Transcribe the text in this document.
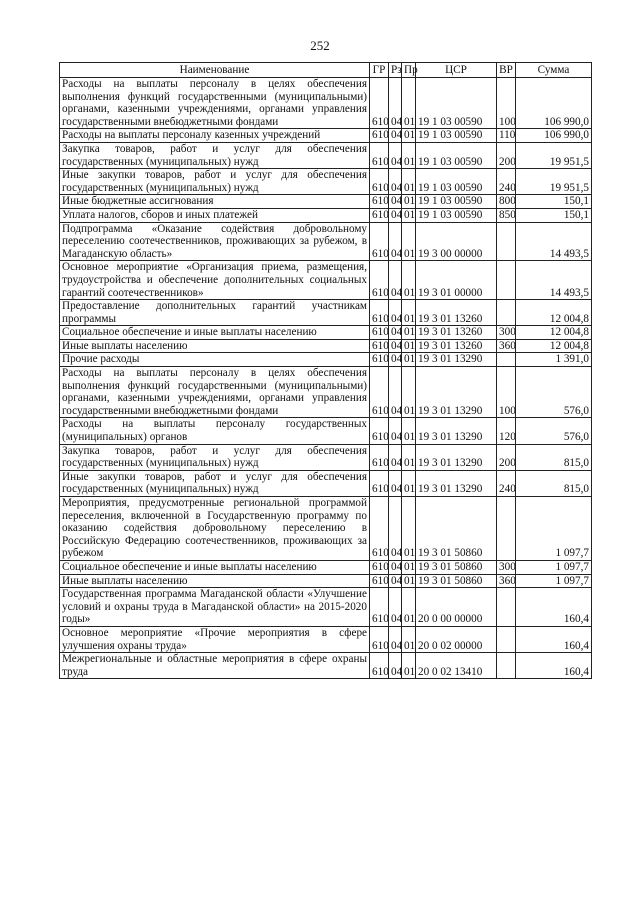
252
Наименование	ГР	Рз	Пр	ЦСР	ВР	Сумма
Расходы на выплаты персоналу в целях обеспечения выполнения функций государственными (муниципальными) органами, казенными учреждениями, органами управления государственными внебюджетными фондами	610	04	01	19 1 03 00590	100	106 990,0
Расходы на выплаты персоналу казенных учреждений	610	04	01	19 1 03 00590	110	106 990,0
Закупка товаров, работ и услуг для обеспечения государственных (муниципальных) нужд	610	04	01	19 1 03 00590	200	19 951,5
Иные закупки товаров, работ и услуг для обеспечения государственных (муниципальных) нужд	610	04	01	19 1 03 00590	240	19 951,5
Иные бюджетные ассигнования	610	04	01	19 1 03 00590	800	150,1
Уплата налогов, сборов и иных платежей	610	04	01	19 1 03 00590	850	150,1
Подпрограмма «Оказание содействия добровольному переселению соотечественников, проживающих за рубежом, в Магаданскую область»	610	04	01	19 3 00 00000		14 493,5
Основное мероприятие «Организация приема, размещения, трудоустройства и обеспечение дополнительных социальных гарантий соотечественников»	610	04	01	19 3 01 00000		14 493,5
Предоставление дополнительных гарантий участникам программы	610	04	01	19 3 01 13260		12 004,8
Социальное обеспечение и иные выплаты населению	610	04	01	19 3 01 13260	300	12 004,8
Иные выплаты населению	610	04	01	19 3 01 13260	360	12 004,8
Прочие расходы	610	04	01	19 3 01 13290		1 391,0
Расходы на выплаты персоналу в целях обеспечения выполнения функций государственными (муниципальными) органами, казенными учреждениями, органами управления государственными внебюджетными фондами	610	04	01	19 3 01 13290	100	576,0
Расходы на выплаты персоналу государственных (муниципальных) органов	610	04	01	19 3 01 13290	120	576,0
Закупка товаров, работ и услуг для обеспечения государственных (муниципальных) нужд	610	04	01	19 3 01 13290	200	815,0
Иные закупки товаров, работ и услуг для обеспечения государственных (муниципальных) нужд	610	04	01	19 3 01 13290	240	815,0
Мероприятия, предусмотренные региональной программой переселения, включенной в Государственную программу по оказанию содействия добровольному переселению в Российскую Федерацию соотечественников, проживающих за рубежом	610	04	01	19 3 01 50860		1 097,7
Социальное обеспечение и иные выплаты населению	610	04	01	19 3 01 50860	300	1 097,7
Иные выплаты населению	610	04	01	19 3 01 50860	360	1 097,7
Государственная программа Магаданской области «Улучшение условий и охраны труда в Магаданской области» на 2015-2020 годы»	610	04	01	20 0 00 00000		160,4
Основное мероприятие «Прочие мероприятия в сфере улучшения охраны труда»	610	04	01	20 0 02 00000		160,4
Межрегиональные и областные мероприятия в сфере охраны труда	610	04	01	20 0 02 13410		160,4
